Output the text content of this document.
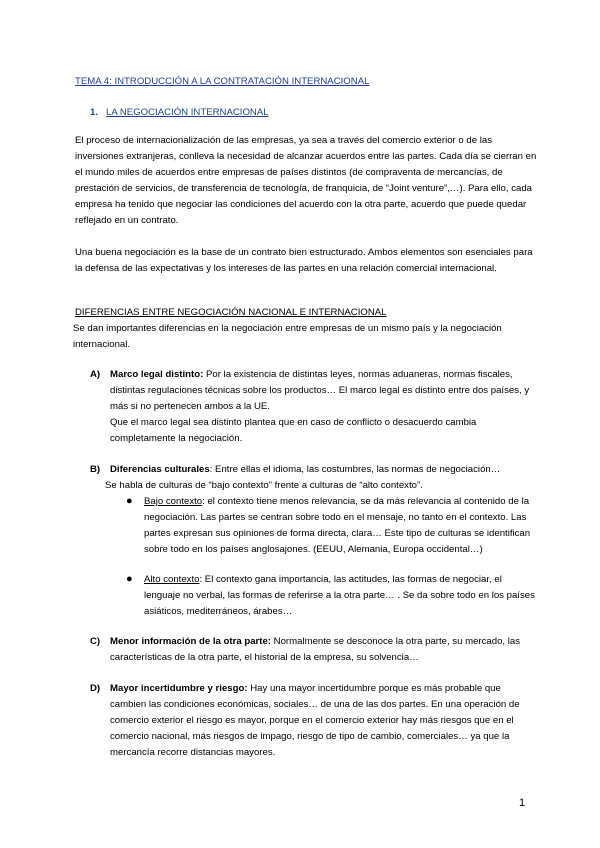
TEMA 4: INTRODUCCIÓN A LA CONTRATACIÓN INTERNACIONAL
1. LA NEGOCIACIÓN INTERNACIONAL

El proceso de internacionalización de las empresas, ya sea a través del comercio exterior o de las inversiones extranjeras, conlleva la necesidad de alcanzar acuerdos entre las partes. Cada día se cierran en el mundo miles de acuerdos entre empresas de países distintos (de compraventa de mercancías, de prestación de servicios, de transferencia de tecnología, de franquicia, de “Joint venture”,…). Para ello, cada empresa ha tenido que negociar las condiciones del acuerdo con la otra parte, acuerdo que puede quedar reflejado en un contrato.

Una buena negociación es la base de un contrato bien estructurado. Ambos elementos son esenciales para la defensa de las expectativas y los intereses de las partes en una relación comercial internacional.

DIFERENCIAS ENTRE NEGOCIACIÓN NACIONAL E INTERNACIONAL

Se dan importantes diferencias en la negociación entre empresas de un mismo país y la negociación internacional.

A) Marco legal distinto: Por la existencia de distintas leyes, normas aduaneras, normas fiscales, distintas regulaciones técnicas sobre los productos… El marco legal es distinto entre dos países, y más si no pertenecen ambos a la UE.

Que el marco legal sea distinto plantea que en caso de conflicto o desacuerdo cambia completamente la negociación.

B) Diferencias culturales: Entre ellas el idioma, las costumbres, las normas de negociación…

Se habla de culturas de “bajo contexto” frente a culturas de “alto contexto”.

● Bajo contexto: el contexto tiene menos relevancia, se da más relevancia al contenido de la negociación. Las partes se centran sobre todo en el mensaje, no tanto en el contexto. Las partes expresan sus opiniones de forma directa, clara… Este tipo de culturas se identifican sobre todo en los países anglosajones. (EEUU, Alemania, Europa occidental…)

● Alto contexto: El contexto gana importancia, las actitudes, las formas de negociar, el lenguaje no verbal, las formas de referirse a la otra parte… . Se da sobre todo en los países asiáticos, mediterráneos, árabes…

C) Menor información de la otra parte: Normalmente se desconoce la otra parte, su mercado, las características de la otra parte, el historial de la empresa, su solvencia…

D) Mayor incertidumbre y riesgo: Hay una mayor incertidumbre porque es más probable que cambien las condiciones económicas, sociales… de una de las dos partes. En una operación de comercio exterior el riesgo es mayor, porque en el comercio exterior hay más riesgos que en el comercio nacional, más riesgos de impago, riesgo de tipo de cambio, comerciales… ya que la mercancía recorre distancias mayores.

1
